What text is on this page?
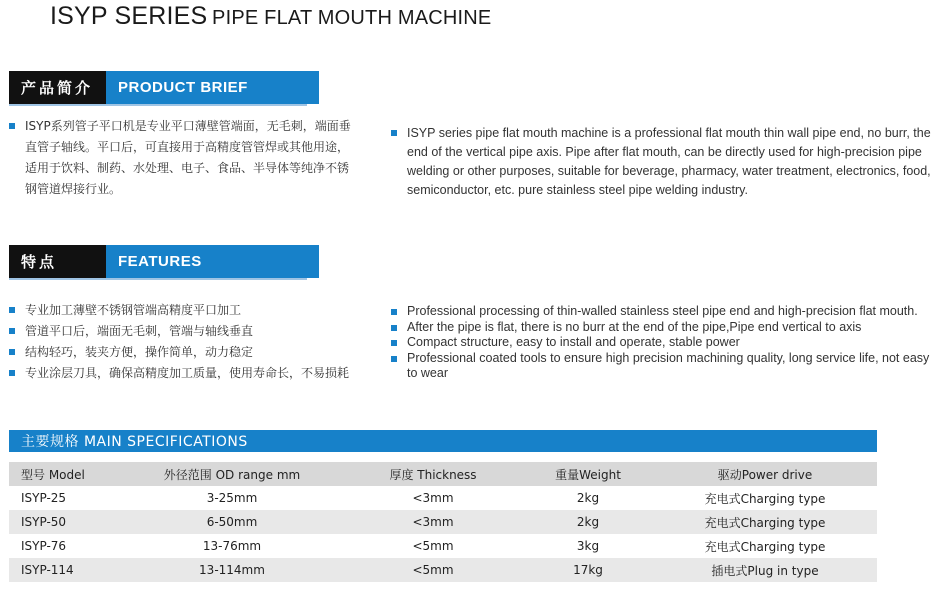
ISYP SERIES PIPE FLAT MOUTH MACHINE
产品简介	PRODUCT BRIEF
ISYP系列管子平口机是专业平口薄壁管端面，无毛刺，端面垂直管子轴线。平口后，可直接用于高精度管管焊或其他用途，适用于饮料、制药、水处理、电子、食品、半导体等纯净不锈钢管道焊接行业。
ISYP series pipe flat mouth machine is a professional flat mouth thin wall pipe end, no burr, the end of the vertical pipe axis. Pipe after flat mouth, can be directly used for high-precision pipe welding or other purposes, suitable for beverage, pharmacy, water treatment, electronics, food, semiconductor, etc. pure stainless steel pipe welding industry.
特点	FEATURES
专业加工薄壁不锈钢管端高精度平口加工
管道平口后，端面无毛刺，管端与轴线垂直
结构轻巧，装夹方便，操作简单，动力稳定
专业涂层刀具，确保高精度加工质量，使用寿命长，不易损耗
Professional processing of thin-walled stainless steel pipe end and high-precision flat mouth.
After the pipe is flat, there is no burr at the end of the pipe,Pipe end vertical to axis
Compact structure, easy to install and operate, stable power
Professional coated tools to ensure high precision machining quality, long service life, not easy to wear
主要规格 MAIN SPECIFICATIONS
型号 Model	外径范围 OD range mm	厚度 Thickness	重量Weight	驱动Power drive
ISYP-25	3-25mm	<3mm	2kg	充电式Charging type
ISYP-50	6-50mm	<3mm	2kg	充电式Charging type
ISYP-76	13-76mm	<5mm	3kg	充电式Charging type
ISYP-114	13-114mm	<5mm	17kg	插电式Plug in type
